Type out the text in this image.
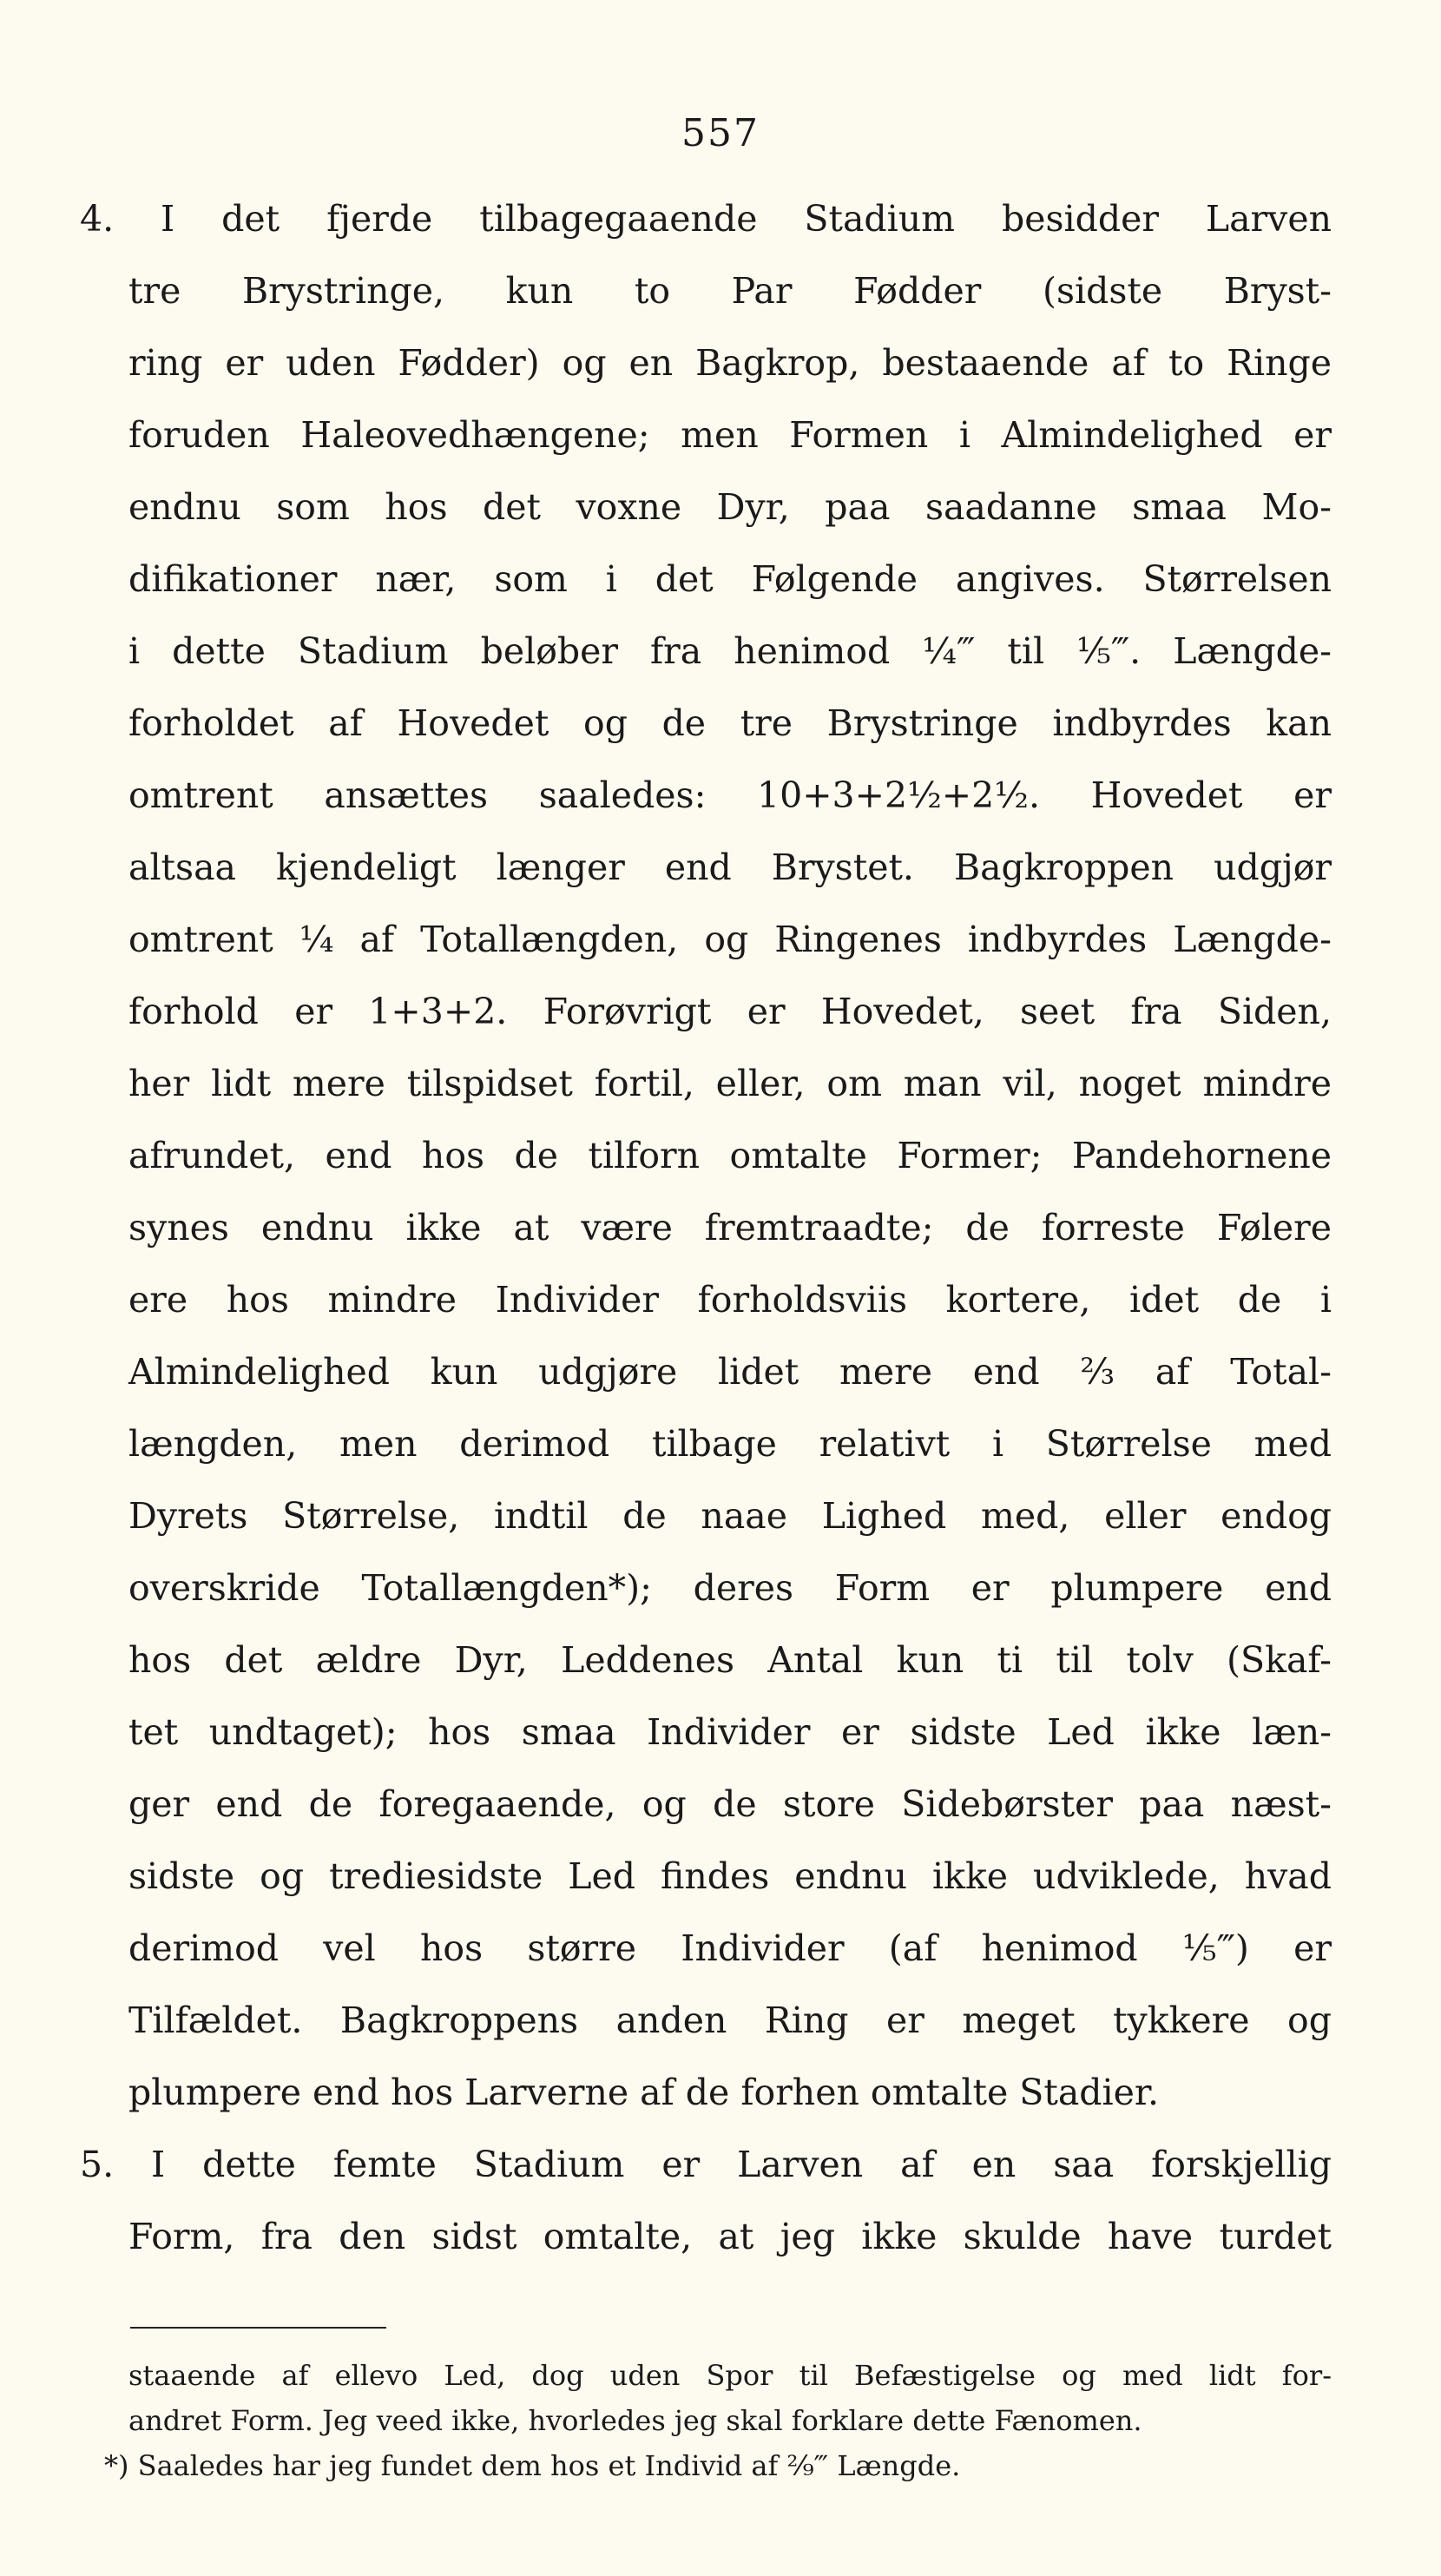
557
4. I det fjerde tilbagegaaende Stadium besidder Larven
tre Brystringe, kun to Par Fødder (sidste Bryst-
ring er uden Fødder) og en Bagkrop, bestaaende af to Ringe
foruden Haleovedhængene; men Formen i Almindelighed er
endnu som hos det voxne Dyr, paa saadanne smaa Mo-
difikationer nær, som i det Følgende angives. Størrelsen
i dette Stadium beløber fra henimod ¼‴ til ⅕‴. Længde-
forholdet af Hovedet og de tre Brystringe indbyrdes kan
omtrent ansættes saaledes: 10+3+2½+2½. Hovedet er
altsaa kjendeligt længer end Brystet. Bagkroppen udgjør
omtrent ¼ af Totallængden, og Ringenes indbyrdes Længde-
forhold er 1+3+2. Forøvrigt er Hovedet, seet fra Siden,
her lidt mere tilspidset fortil, eller, om man vil, noget mindre
afrundet, end hos de tilforn omtalte Former; Pandehornene
synes endnu ikke at være fremtraadte; de forreste Følere
ere hos mindre Individer forholdsviis kortere, idet de i
Almindelighed kun udgjøre lidet mere end ⅔ af Total-
længden, men derimod tilbage relativt i Størrelse med
Dyrets Størrelse, indtil de naae Lighed med, eller endog
overskride Totallængden*); deres Form er plumpere end
hos det ældre Dyr, Leddenes Antal kun ti til tolv (Skaf-
tet undtaget); hos smaa Individer er sidste Led ikke læn-
ger end de foregaaende, og de store Sidebørster paa næst-
sidste og trediesidste Led findes endnu ikke udviklede, hvad
derimod vel hos større Individer (af henimod ⅕‴) er
Tilfældet. Bagkroppens anden Ring er meget tykkere og
plumpere end hos Larverne af de forhen omtalte Stadier.
5. I dette femte Stadium er Larven af en saa forskjellig
Form, fra den sidst omtalte, at jeg ikke skulde have turdet
staaende af ellevo Led, dog uden Spor til Befæstigelse og med lidt for-
andret Form. Jeg veed ikke, hvorledes jeg skal forklare dette Fænomen.
*) Saaledes har jeg fundet dem hos et Individ af ²⁄₉‴ Længde.
